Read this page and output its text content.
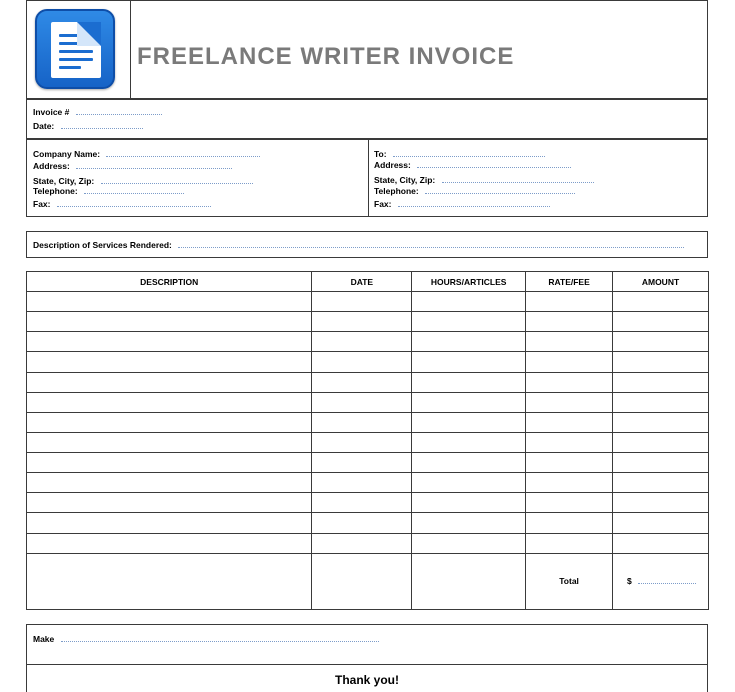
FREELANCE WRITER INVOICE
Invoice #
Date:
Company Name:
Address:
State, City, Zip:
Telephone:
Fax:
To:
Address:
State, City, Zip:
Telephone:
Fax:
Description of Services Rendered:
DESCRIPTION	DATE	HOURS/ARTICLES	RATE/FEE	AMOUNT

			Total	$
Make
Thank you!
